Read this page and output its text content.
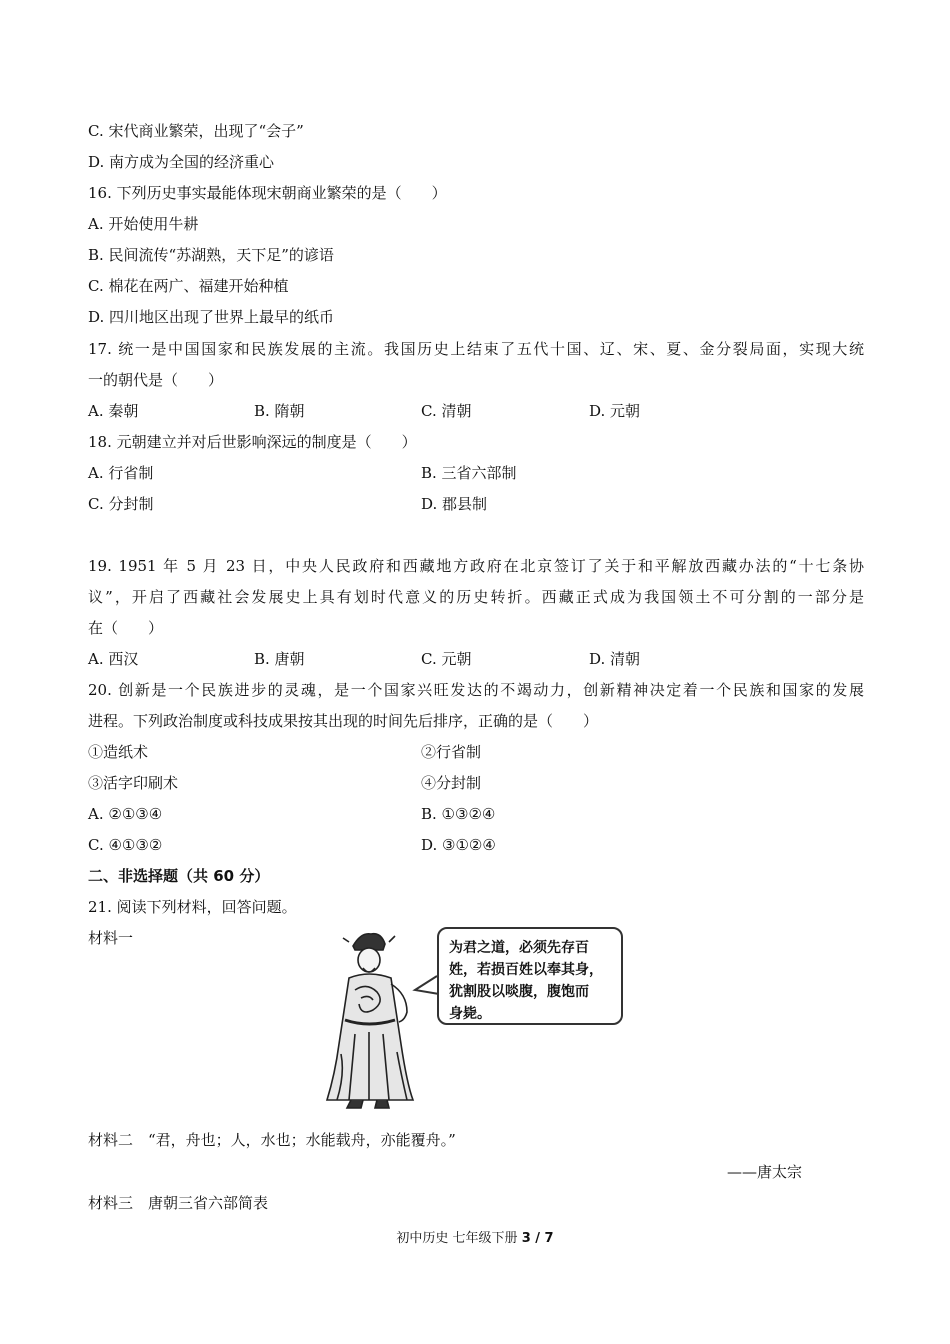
C. 宋代商业繁荣，出现了“会子”
D. 南方成为全国的经济重心
16. 下列历史事实最能体现宋朝商业繁荣的是（　　）
A. 开始使用牛耕
B. 民间流传“苏湖熟，天下足”的谚语
C. 棉花在两广、福建开始种植
D. 四川地区出现了世界上最早的纸币
17. 统一是中国国家和民族发展的主流。我国历史上结束了五代十国、辽、宋、夏、金分裂局面，实现大统
一的朝代是（　　）
A. 秦朝	B. 隋朝	C. 清朝	D. 元朝
18. 元朝建立并对后世影响深远的制度是（　　）
A. 行省制	B. 三省六部制
C. 分封制	D. 郡县制
19. 1951 年 5 月 23 日，中央人民政府和西藏地方政府在北京签订了关于和平解放西藏办法的“十七条协
议”，开启了西藏社会发展史上具有划时代意义的历史转折。西藏正式成为我国领土不可分割的一部分是
在（　　）
A. 西汉	B. 唐朝	C. 元朝	D. 清朝
20. 创新是一个民族进步的灵魂，是一个国家兴旺发达的不竭动力，创新精神决定着一个民族和国家的发展
进程。下列政治制度或科技成果按其出现的时间先后排序，正确的是（　　）
①造纸术	②行省制
③活字印刷术	④分封制
A. ②①③④	B. ①③②④
C. ④①③②	D. ③①②④
二、非选择题（共 60 分）
21. 阅读下列材料，回答问题。
材料一
为君之道，必须先存百
姓，若损百姓以奉其身，
犹割股以啖腹，腹饱而
身毙。
材料二　“君，舟也；人，水也；水能载舟，亦能覆舟。”
——唐太宗
材料三　唐朝三省六部简表
初中历史 七年级下册 3 / 7
